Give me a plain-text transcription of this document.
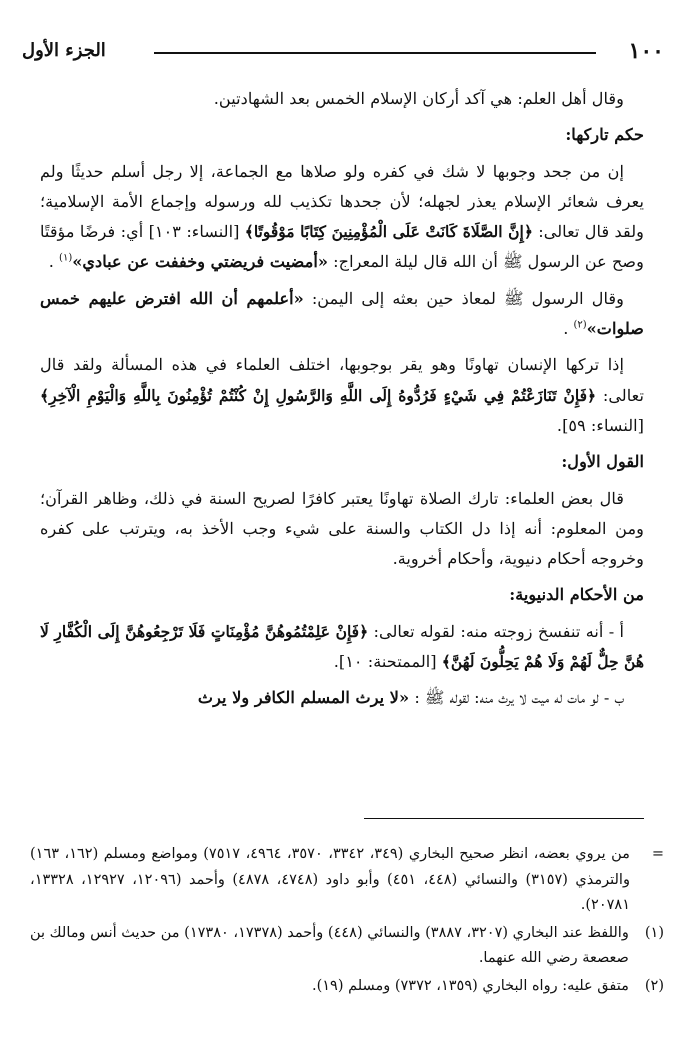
١٠٠
الجزء الأول

وقال أهل العلم: هي آكد أركان الإسلام الخمس بعد الشهادتين.

حكم تاركها:

إن من جحد وجوبها لا شك في كفره ولو صلاها مع الجماعة، إلا رجل أسلم حديثًا ولم يعرف شعائر الإسلام يعذر لجهله؛ لأن جحدها تكذيب لله ورسوله وإجماع الأمة الإسلامية؛ ولقد قال تعالى: ﴿إِنَّ الصَّلَاةَ كَانَتْ عَلَى الْمُؤْمِنِينَ كِتَابًا مَوْقُوتًا﴾ [النساء: ١٠٣] أي: فرضًا مؤقتًا وصح عن الرسول ﷺ أن الله قال ليلة المعراج: «أمضيت فريضتي وخففت عن عبادي»$^{(١)}$ .

وقال الرسول ﷺ لمعاذ حين بعثه إلى اليمن: «أعلمهم أن الله افترض عليهم خمس صلوات»$^{(٢)}$ .

إذا تركها الإنسان تهاونًا وهو يقر بوجوبها، اختلف العلماء في هذه المسألة ولقد قال تعالى: ﴿فَإِنْ تَنَازَعْتُمْ فِي شَيْءٍ فَرُدُّوهُ إِلَى اللَّهِ وَالرَّسُولِ إِنْ كُنْتُمْ تُؤْمِنُونَ بِاللَّهِ وَالْيَوْمِ الْآخِرِ﴾ [النساء: ٥٩].

القول الأول:

قال بعض العلماء: تارك الصلاة تهاونًا يعتبر كافرًا لصريح السنة في ذلك، وظاهر القرآن؛ ومن المعلوم: أنه إذا دل الكتاب والسنة على شيء وجب الأخذ به، ويترتب على كفره وخروجه أحكام دنيوية، وأحكام أخروية.

من الأحكام الدنيوية:

أ - أنه تنفسخ زوجته منه: لقوله تعالى: ﴿فَإِنْ عَلِمْتُمُوهُنَّ مُؤْمِنَاتٍ فَلَا تَرْجِعُوهُنَّ إِلَى الْكُفَّارِ لَا هُنَّ حِلٌّ لَهُمْ وَلَا هُمْ يَحِلُّونَ لَهُنَّ﴾ [الممتحنة: ١٠].

ب - لو مات له ميت لا يرث منه: لقوله ﷺ : «لا يرث المسلم الكافر ولا يرث

=
من يروي بعضه، انظر صحيح البخاري (٣٤٩، ٣٣٤٢، ٣٥٧٠، ٤٩٦٤، ٧٥١٧) ومواضع ومسلم (١٦٢، ١٦٣) والترمذي (٣١٥٧) والنسائي (٤٤٨، ٤٥١) وأبو داود (٤٧٤٨، ٤٨٧٨) وأحمد (١٢٠٩٦، ١٢٩٢٧، ١٣٣٢٨، ٢٠٧٨١).
(١)
واللفظ عند البخاري (٣٢٠٧، ٣٨٨٧) والنسائي (٤٤٨) وأحمد (١٧٣٧٨، ١٧٣٨٠) من حديث أنس ومالك بن صعصعة رضي الله عنهما.
(٢)
متفق عليه: رواه البخاري (١٣٥٩، ٧٣٧٢) ومسلم (١٩).
